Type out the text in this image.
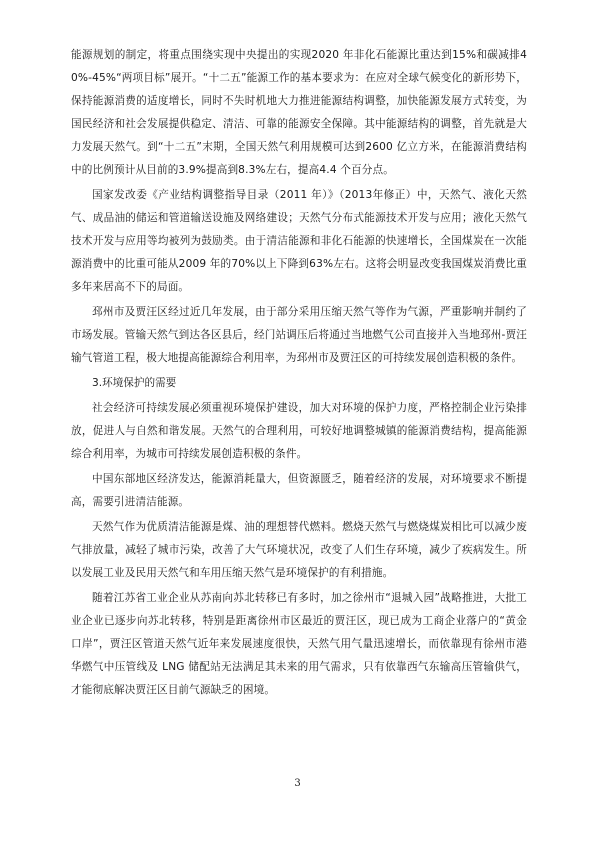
能源规划的制定，将重点围绕实现中央提出的实现2020 年非化石能源比重达到15%和碳减排40%-45%“两项目标”展开。“十二五”能源工作的基本要求为：在应对全球气候变化的新形势下，保持能源消费的适度增长，同时不失时机地大力推进能源结构调整，加快能源发展方式转变，为国民经济和社会发展提供稳定、清洁、可靠的能源安全保障。其中能源结构的调整，首先就是大力发展天然气。到“十二五”末期，全国天然气利用规模可达到2600 亿立方米，在能源消费结构中的比例预计从目前的3.9%提高到8.3%左右，提高4.4 个百分点。

国家发改委《产业结构调整指导目录（2011 年）》（2013年修正）中，天然气、液化天然气、成品油的储运和管道输送设施及网络建设；天然气分布式能源技术开发与应用；液化天然气技术开发与应用等均被列为鼓励类。由于清洁能源和非化石能源的快速增长，全国煤炭在一次能源消费中的比重可能从2009 年的70%以上下降到63%左右。这将会明显改变我国煤炭消费比重多年来居高不下的局面。

邳州市及贾汪区经过近几年发展，由于部分采用压缩天然气等作为气源，严重影响并制约了市场发展。管输天然气到达各区县后，经门站调压后将通过当地燃气公司直接并入当地邳州-贾汪输气管道工程，极大地提高能源综合利用率，为邳州市及贾汪区的可持续发展创造积极的条件。

3.环境保护的需要

社会经济可持续发展必须重视环境保护建设，加大对环境的保护力度，严格控制企业污染排放，促进人与自然和谐发展。天然气的合理利用，可较好地调整城镇的能源消费结构，提高能源综合利用率，为城市可持续发展创造积极的条件。

中国东部地区经济发达，能源消耗量大，但资源匮乏，随着经济的发展，对环境要求不断提高，需要引进清洁能源。

天然气作为优质清洁能源是煤、油的理想替代燃料。燃烧天然气与燃烧煤炭相比可以减少废气排放量，减轻了城市污染，改善了大气环境状况，改变了人们生存环境，减少了疾病发生。所以发展工业及民用天然气和车用压缩天然气是环境保护的有利措施。

随着江苏省工业企业从苏南向苏北转移已有多时，加之徐州市“退城入园”战略推进，大批工业企业已逐步向苏北转移，特别是距离徐州市区最近的贾汪区，现已成为工商企业落户的“黄金口岸”，贾汪区管道天然气近年来发展速度很快，天然气用气量迅速增长，而依靠现有徐州市港华燃气中压管线及 LNG 储配站无法满足其未来的用气需求，只有依靠西气东输高压管输供气，才能彻底解决贾汪区目前气源缺乏的困境。

3
